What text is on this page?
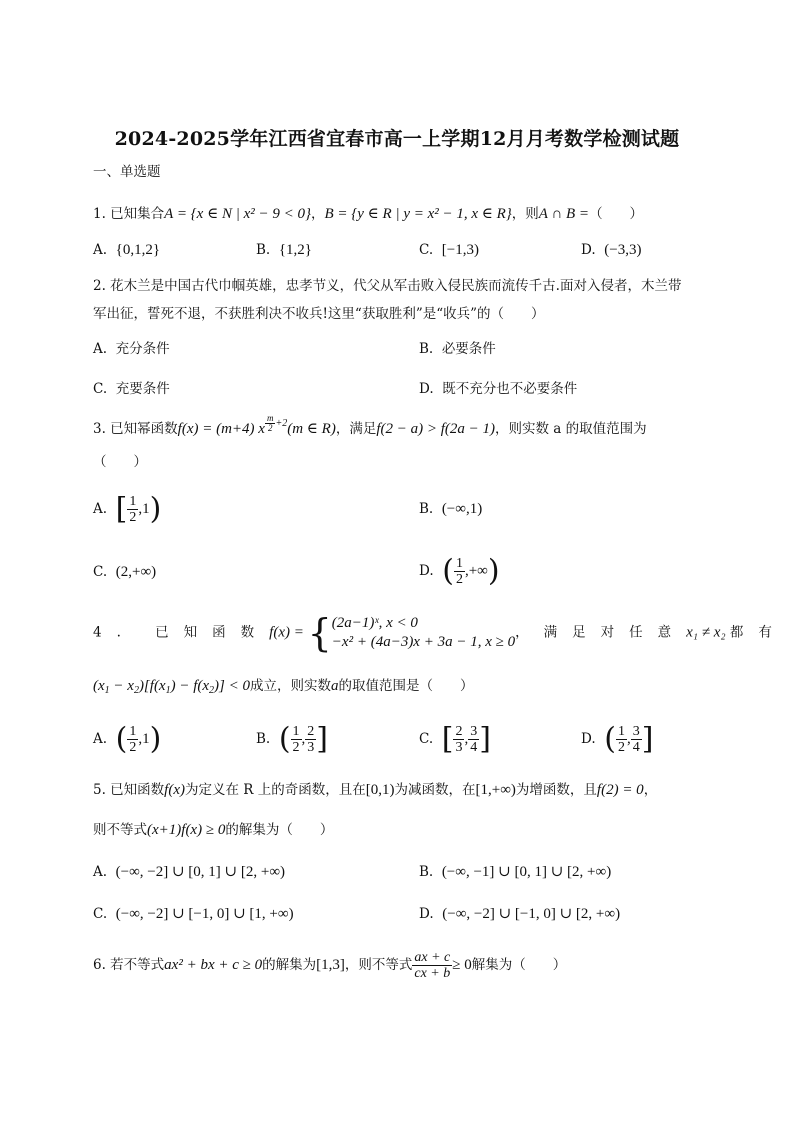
2024-2025学年江西省宜春市高一上学期12月月考数学检测试题
一、单选题
1. 已知集合A = {x ∈ N | x² − 9 < 0}，B = {y ∈ R | y = x² − 1, x ∈ R}，则A ∩ B =（　　）
A. {0,1,2}	B. {1,2}	C. [−1,3)	D. (−3,3)
2. 花木兰是中国古代巾帼英雄，忠孝节义，代父从军击败入侵民族而流传千古.面对入侵者，木兰带
军出征，誓死不退，不获胜利决不收兵!这里“获取胜利”是“收兵”的（　　）
A. 充分条件	B. 必要条件
C. 充要条件	D. 既不充分也不必要条件
3. 已知幂函数f(x) = (m+4) x $^{\frac{m}{2} +2}$(m ∈ R)，满足f(2 − a) > f(2a − 1)，则实数 a 的取值范围为
（　　）
A. [ $\frac{1}{2} ,1$)	B. (−∞,1)
C. (2,+∞)	D. ( $\frac{1}{2}$ ,+∞)
4. 已知函数f(x) = { (2a−1)ˣ, x < 0
−x² + (4a−3)x + 3a − 1, x ≥ 0
，满足对任意x₁ ≠ x₂ 都有
$(x_1 - x_2)[f(x_1) - f(x_2)] < 0$成立，则实数a的取值范围是（　　）
A. ( $\frac{1}{2} ,1$)	B. ( $\frac{1}{2}$ , $\frac{2}{3}$ ]	C. [ $\frac{2}{3}$ , $\frac{3}{4}$ ]	D. ( $\frac{1}{2}$ , $\frac{3}{4}$ ]
5. 已知函数f(x)为定义在 R 上的奇函数，且在[0,1)为减函数，在[1,+∞)为增函数，且f(2) = 0，
则不等式(x+1)f(x) ≥ 0的解集为（　　）
A. (−∞, −2] ∪ [0, 1] ∪ [2, +∞)	B. (−∞, −1] ∪ [0, 1] ∪ [2, +∞)
C. (−∞, −2] ∪ [−1, 0] ∪ [1, +∞)	D. (−∞, −2] ∪ [−1, 0] ∪ [2, +∞)
6. 若不等式ax² + bx + c ≥ 0的解集为[1,3]，则不等式 $\frac{ax + c}{cx + b} \ge 0$解集为（　　）
